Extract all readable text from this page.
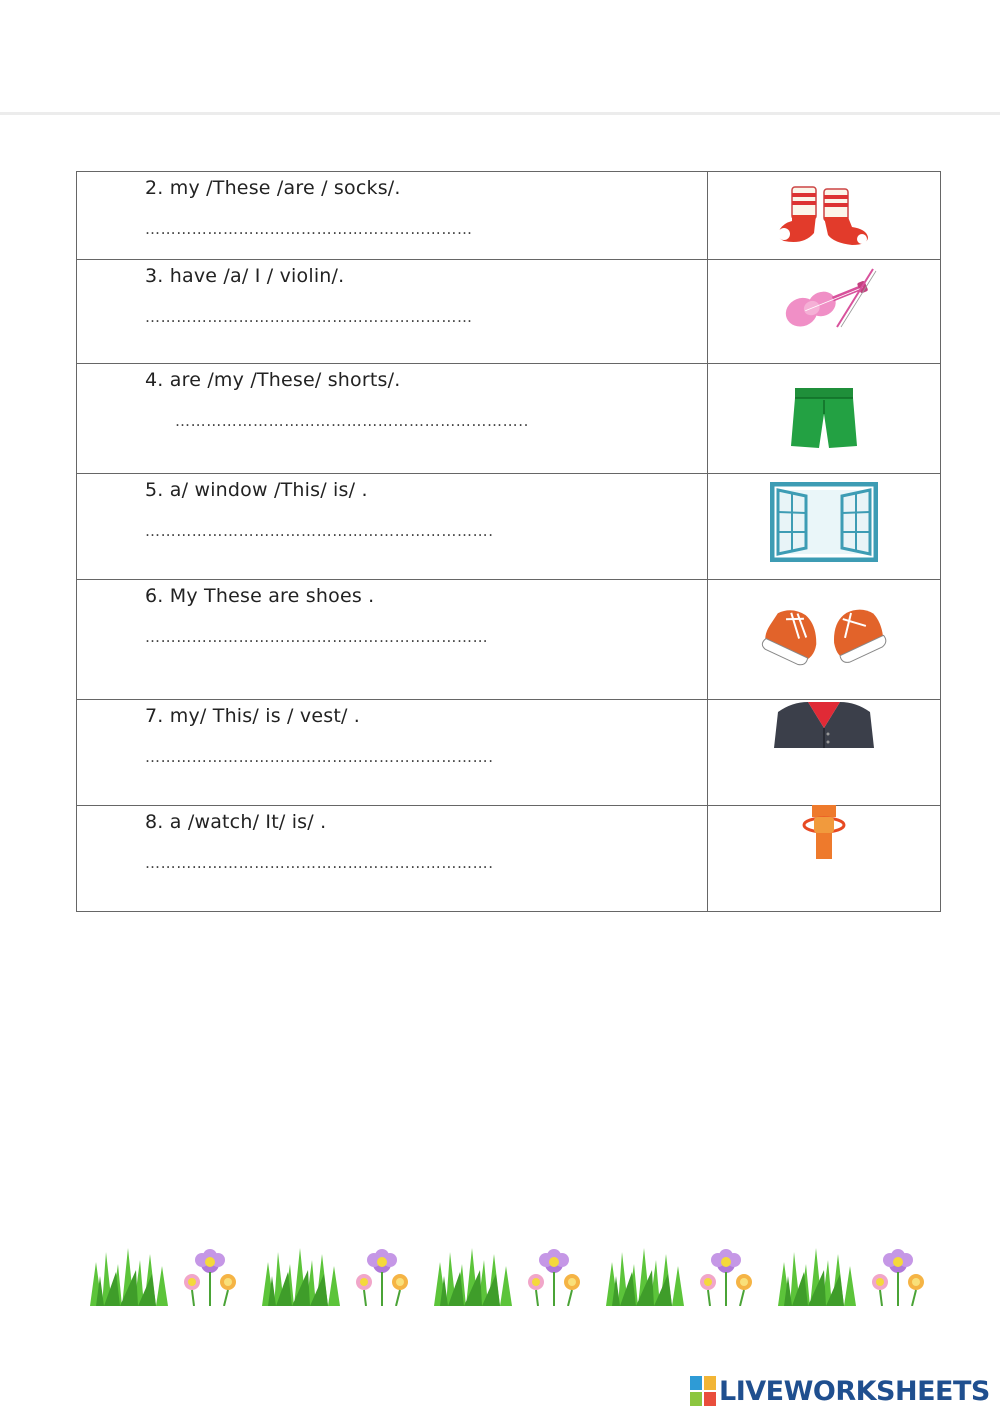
2. my /These /are / socks/.
………………………………………………………

3. have /a/ I / violin/.
………………………………………………………

4. are /my /These/ shorts/.
…………………………………………………………..

5. a/ window /This/ is/ .
………………………………………………………….

6. My These are shoes .
…………………………………………………………

7. my/ This/ is / vest/ .
………………………………………………………….

8. a /watch/ It/ is/ .
………………………………………………………….

LIVEWORKSHEETS
